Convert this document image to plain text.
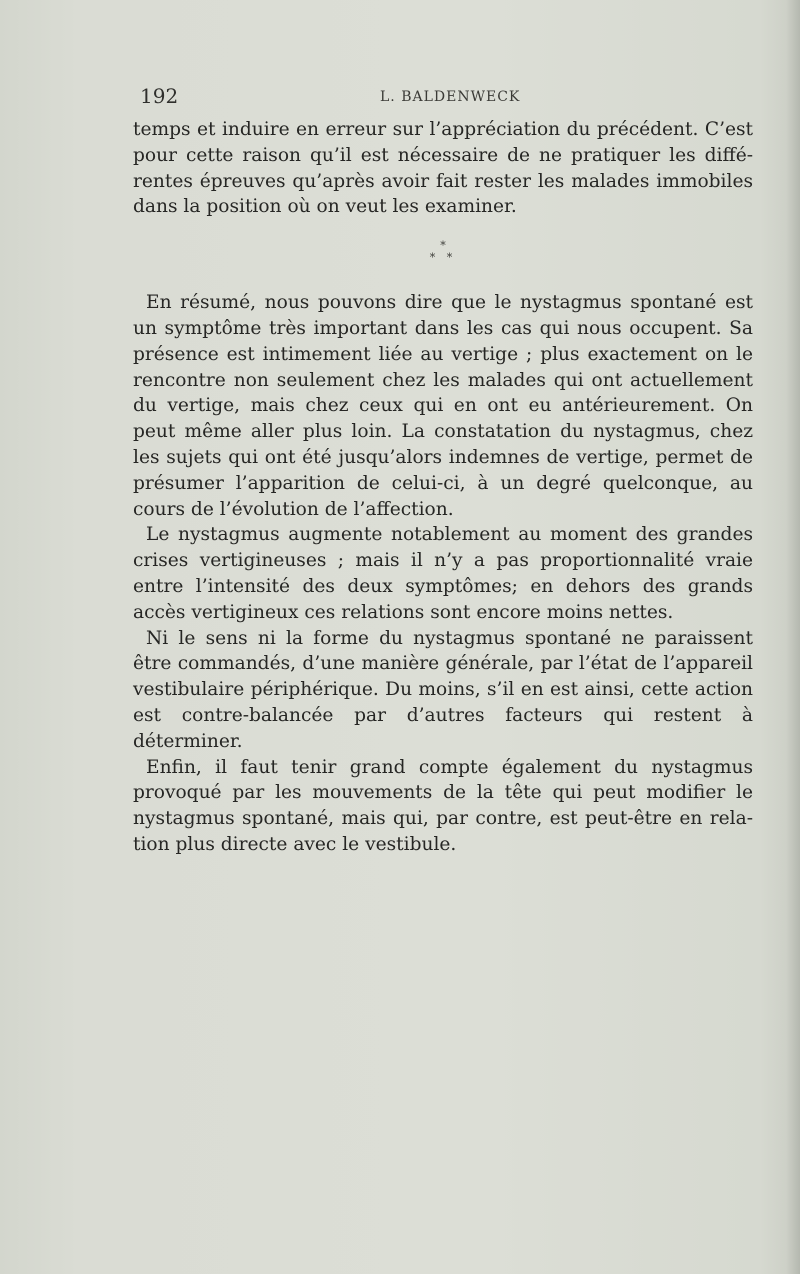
192	L. BALDENWECK

temps et induire en erreur sur l’appréciation du précédent. C’est pour cette raison qu’il est nécessaire de ne pratiquer les différentes épreuves qu’après avoir fait rester les malades immobiles dans la position où on veut les examiner.

*
* *

En résumé, nous pouvons dire que le nystagmus spontané est un symptôme très important dans les cas qui nous occupent. Sa présence est intimement liée au vertige ; plus exactement on le rencontre non seulement chez les malades qui ont actuellement du vertige, mais chez ceux qui en ont eu antérieurement. On peut même aller plus loin. La constatation du nystagmus, chez les sujets qui ont été jusqu’alors indemnes de vertige, permet de présumer l’apparition de celui-ci, à un degré quelconque, au cours de l’évolution de l’affection.

Le nystagmus augmente notablement au moment des grandes crises vertigineuses ; mais il n’y a pas proportionnalité vraie entre l’intensité des deux symptômes; en dehors des grands accès vertigineux ces relations sont encore moins nettes.

Ni le sens ni la forme du nystagmus spontané ne paraissent être commandés, d’une manière générale, par l’état de l’appareil vestibulaire périphérique. Du moins, s’il en est ainsi, cette action est contre-balancée par d’autres facteurs qui restent à déterminer.

Enfin, il faut tenir grand compte également du nystagmus provoqué par les mouvements de la tête qui peut modifier le nystagmus spontané, mais qui, par contre, est peut-être en relation plus directe avec le vestibule.
